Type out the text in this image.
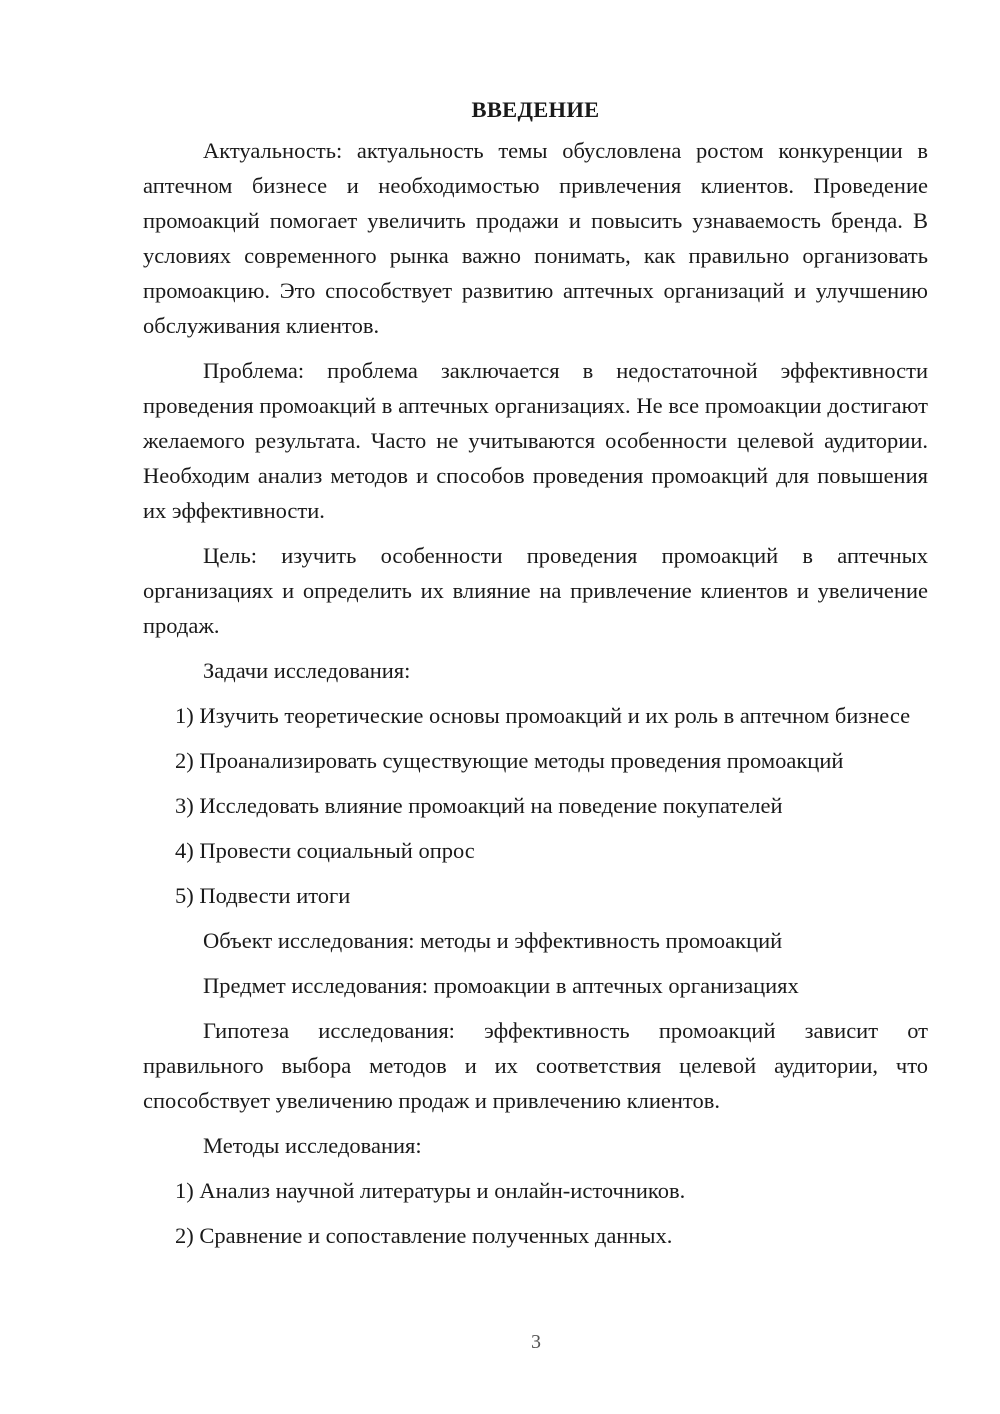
ВВЕДЕНИЕ

Актуальность: актуальность темы обусловлена ростом конкуренции в аптечном бизнесе и необходимостью привлечения клиентов. Проведение промоакций помогает увеличить продажи и повысить узнаваемость бренда. В условиях современного рынка важно понимать, как правильно организовать промоакцию. Это способствует развитию аптечных организаций и улучшению обслуживания клиентов.

Проблема: проблема заключается в недостаточной эффективности проведения промоакций в аптечных организациях. Не все промоакции достигают желаемого результата. Часто не учитываются особенности целевой аудитории. Необходим анализ методов и способов проведения промоакций для повышения их эффективности.

Цель: изучить особенности проведения промоакций в аптечных организациях и определить их влияние на привлечение клиентов и увеличение продаж.

Задачи исследования:

1) Изучить теоретические основы промоакций и их роль в аптечном бизнесе

2) Проанализировать существующие методы проведения промоакций

3) Исследовать влияние промоакций на поведение покупателей

4) Провести социальный опрос

5) Подвести итоги

Объект исследования: методы и эффективность промоакций

Предмет исследования: промоакции в аптечных организациях

Гипотеза исследования: эффективность промоакций зависит от правильного выбора методов и их соответствия целевой аудитории, что способствует увеличению продаж и привлечению клиентов.

Методы исследования:

1) Анализ научной литературы и онлайн-источников.

2) Сравнение и сопоставление полученных данных.

3
